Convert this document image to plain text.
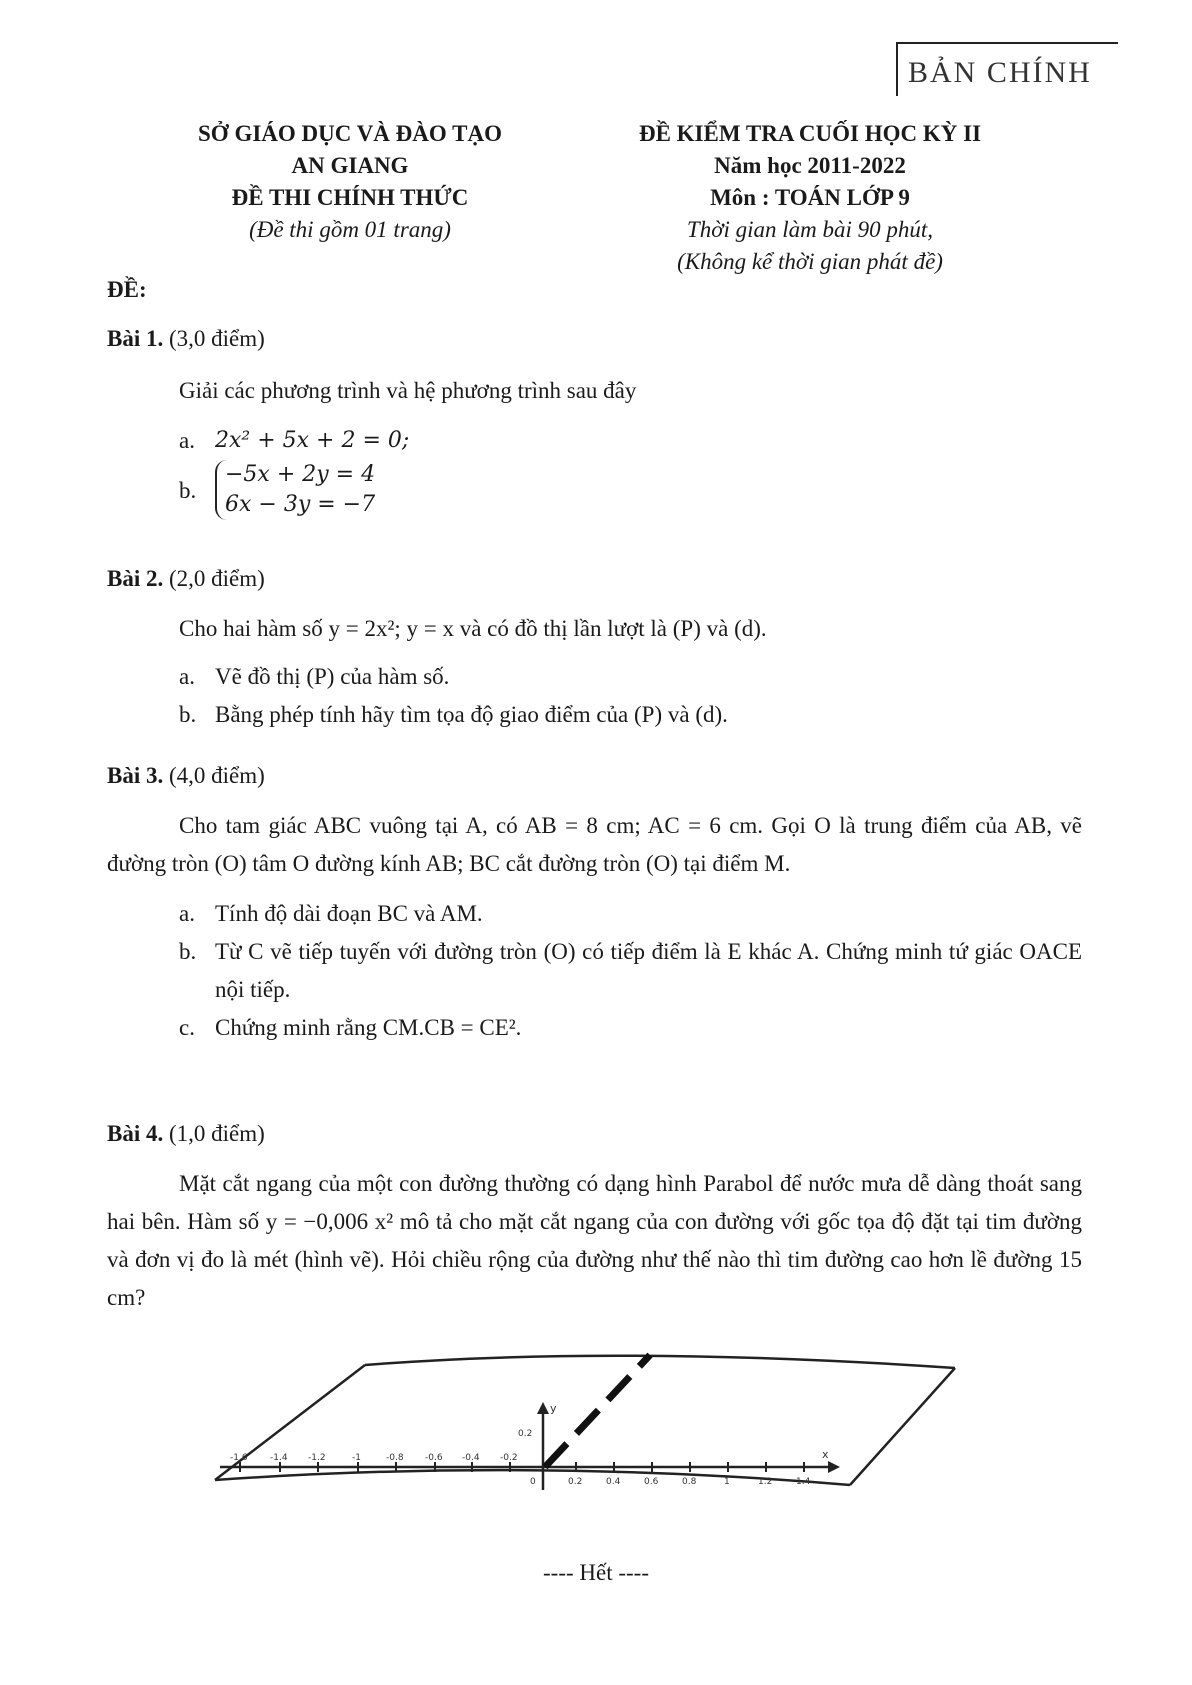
BẢN CHÍNH
SỞ GIÁO DỤC VÀ ĐÀO TẠO
AN GIANG
ĐỀ THI CHÍNH THỨC
(Đề thi gồm 01 trang)
ĐỀ KIỂM TRA CUỐI HỌC KỲ II
Năm học 2011-2022
Môn : TOÁN LỚP 9
Thời gian làm bài 90 phút,
(Không kể thời gian phát đề)
ĐỀ:
Bài 1. (3,0 điểm)
Giải các phương trình và hệ phương trình sau đây
a. 2x² + 5x + 2 = 0;
b.
−5x + 2y = 4
6x − 3y = −7
Bài 2. (2,0 điểm)
Cho hai hàm số y = 2x²; y = x và có đồ thị lần lượt là (P) và (d).
a. Vẽ đồ thị (P) của hàm số.
b. Bằng phép tính hãy tìm tọa độ giao điểm của (P) và (d).
Bài 3. (4,0 điểm)
Cho tam giác ABC vuông tại A, có AB = 8 cm; AC = 6 cm. Gọi O là trung điểm của AB, vẽ đường tròn (O) tâm O đường kính AB; BC cắt đường tròn (O) tại điểm M.
a. Tính độ dài đoạn BC và AM.
b. Từ C vẽ tiếp tuyến với đường tròn (O) có tiếp điểm là E khác A. Chứng minh tứ giác OACE nội tiếp.
c. Chứng minh rằng CM.CB = CE².
Bài 4. (1,0 điểm)
Mặt cắt ngang của một con đường thường có dạng hình Parabol để nước mưa dễ dàng thoát sang hai bên. Hàm số y = −0,006 x² mô tả cho mặt cắt ngang của con đường với gốc tọa độ đặt tại tim đường và đơn vị đo là mét (hình vẽ). Hỏi chiều rộng của đường như thế nào thì tim đường cao hơn lề đường 15 cm?
-1.6 -1.4 -1.2	-1	-0.8 -0.6 -0.4 -0.2
0	0.2	0.4	0.6	0.8	1	1.2	1.4
0.2
x
y
---- Hết ----
